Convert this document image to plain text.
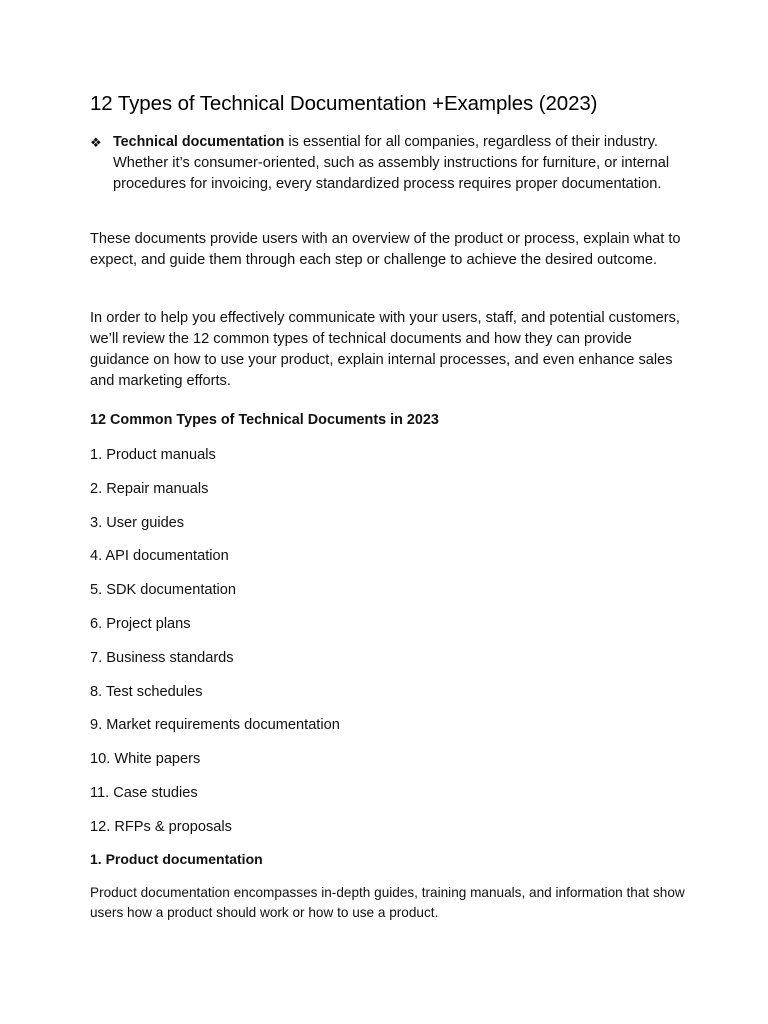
12 Types of Technical Documentation +Examples (2023)
❖ Technical documentation is essential for all companies, regardless of their industry. Whether it’s consumer-oriented, such as assembly instructions for furniture, or internal procedures for invoicing, every standardized process requires proper documentation.

These documents provide users with an overview of the product or process, explain what to expect, and guide them through each step or challenge to achieve the desired outcome.

In order to help you effectively communicate with your users, staff, and potential customers, we’ll review the 12 common types of technical documents and how they can provide guidance on how to use your product, explain internal processes, and even enhance sales and marketing efforts.

12 Common Types of Technical Documents in 2023
1. Product manuals
2. Repair manuals
3. User guides
4. API documentation
5. SDK documentation
6. Project plans
7. Business standards
8. Test schedules
9. Market requirements documentation
10. White papers
11. Case studies
12. RFPs & proposals
1. Product documentation

Product documentation encompasses in-depth guides, training manuals, and information that show users how a product should work or how to use a product.
